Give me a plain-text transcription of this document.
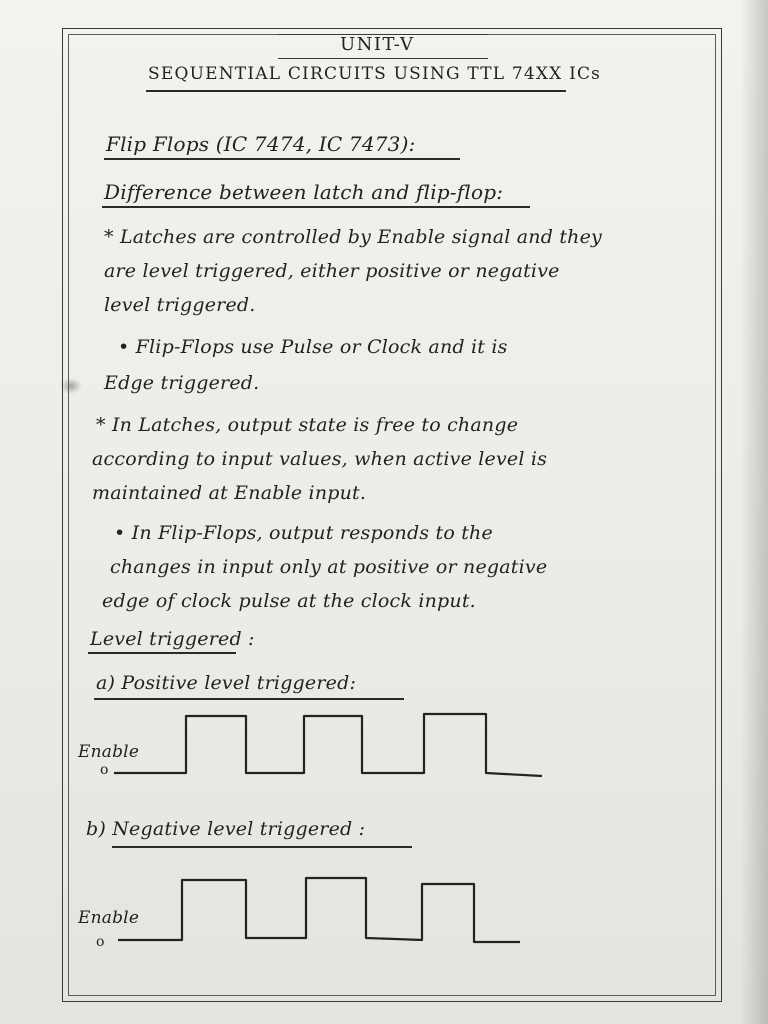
UNIT-V
SEQUENTIAL CIRCUITS USING TTL 74XX ICs
Flip Flops (IC 7474, IC 7473):
Difference between latch and flip-flop:
* Latches are controlled by Enable signal and they
are level triggered, either positive or negative
level triggered.
• Flip-Flops use Pulse or Clock and it is
Edge triggered.
* In Latches, output state is free to change
according to input values, when active level is
maintained at Enable input.
• In Flip-Flops, output responds to the
changes in input only at positive or negative
edge of clock pulse at the clock input.
Level triggered :
a) Positive level triggered:
Enable
o
b) Negative level triggered :
Enable
o
